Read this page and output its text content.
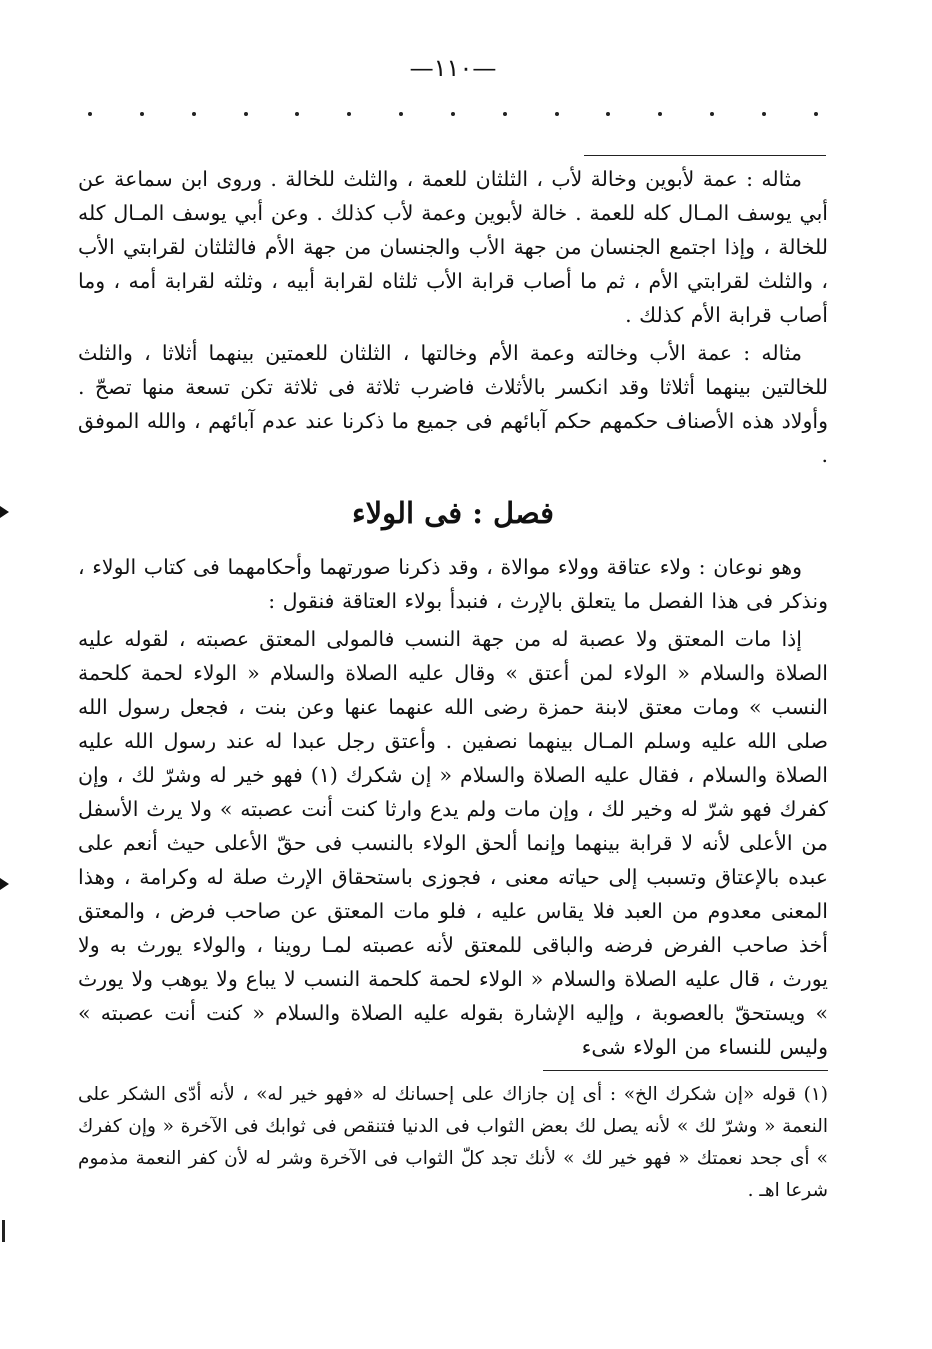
—١١٠—

مثاله : عمة لأبوين وخالة لأب ، الثلثان للعمة ، والثلث للخالة . وروى ابن سماعة عن أبي يوسف المـال كله للعمة . خالة لأبوين وعمة لأب كذلك . وعن أبي يوسف المـال كله للخالة ، وإذا اجتمع الجنسان من جهة الأب والجنسان من جهة الأم فالثلثان لقرابتي الأب ، والثلث لقرابتي الأم ، ثم ما أصاب قرابة الأب ثلثاه لقرابة أبيه ، وثلثه لقرابة أمه ، وما أصاب قرابة الأم كذلك .

مثاله : عمة الأب وخالته وعمة الأم وخالتها ، الثلثان للعمتين بينهما أثلاثا ، والثلث للخالتين بينهما أثلاثا وقد انكسر بالأثلاث فاضرب ثلاثة فى ثلاثة تكن تسعة منها تصحّ . وأولاد هذه الأصناف حكمهم حكم آبائهم فى جميع ما ذكرنا عند عدم آبائهم ، والله الموفق .

فصل : فى الولاء

وهو نوعان : ولاء عتاقة وولاء موالاة ، وقد ذكرنا صورتهما وأحكامهما فى كتاب الولاء ، ونذكر فى هذا الفصل ما يتعلق بالإرث ، فنبدأ بولاء العتاقة فنقول :

إذا مات المعتق ولا عصبة له من جهة النسب فالمولى المعتق عصبته ، لقوله عليه الصلاة والسلام « الولاء لمن أعتق » وقال عليه الصلاة والسلام « الولاء لحمة كلحمة النسب » ومات معتق لابنة حمزة رضى الله عنهما عنها وعن بنت ، فجعل رسول الله صلى الله عليه وسلم المـال بينهما نصفين . وأعتق رجل عبدا له عند رسول الله عليه الصلاة والسلام ، فقال عليه الصلاة والسلام « إن شكرك (١) فهو خير له وشرّ لك ، وإن كفرك فهو شرّ له وخير لك ، وإن مات ولم يدع وارثا كنت أنت عصبته » ولا يرث الأسفل من الأعلى لأنه لا قرابة بينهما وإنما ألحق الولاء بالنسب فى حقّ الأعلى حيث أنعم على عبده بالإعتاق وتسبب إلى حياته معنى ، فجوزى باستحقاق الإرث صلة له وكرامة ، وهذا المعنى معدوم من العبد فلا يقاس عليه ، فلو مات المعتق عن صاحب فرض ، والمعتق أخذ صاحب الفرض فرضه والباقى للمعتق لأنه عصبته لمـا روينا ، والولاء يورث به ولا يورث ، قال عليه الصلاة والسلام « الولاء لحمة كلحمة النسب لا يباع ولا يوهب ولا يورث » ويستحقّ بالعصوبة ، وإليه الإشارة بقوله عليه الصلاة والسلام « كنت أنت عصبته » وليس للنساء من الولاء شىء

(١) قوله «إن شكرك الخ» : أى إن جازاك على إحسانك له «فهو خير له» ، لأنه أدّى الشكر على النعمة « وشرّ لك » لأنه يصل لك بعض الثواب فى الدنيا فتنقص فى ثوابك فى الآخرة « وإن كفرك » أى جحد نعمتك « فهو خير لك » لأنك تجد كلّ الثواب فى الآخرة وشر له لأن كفر النعمة مذموم شرعا اهـ .
